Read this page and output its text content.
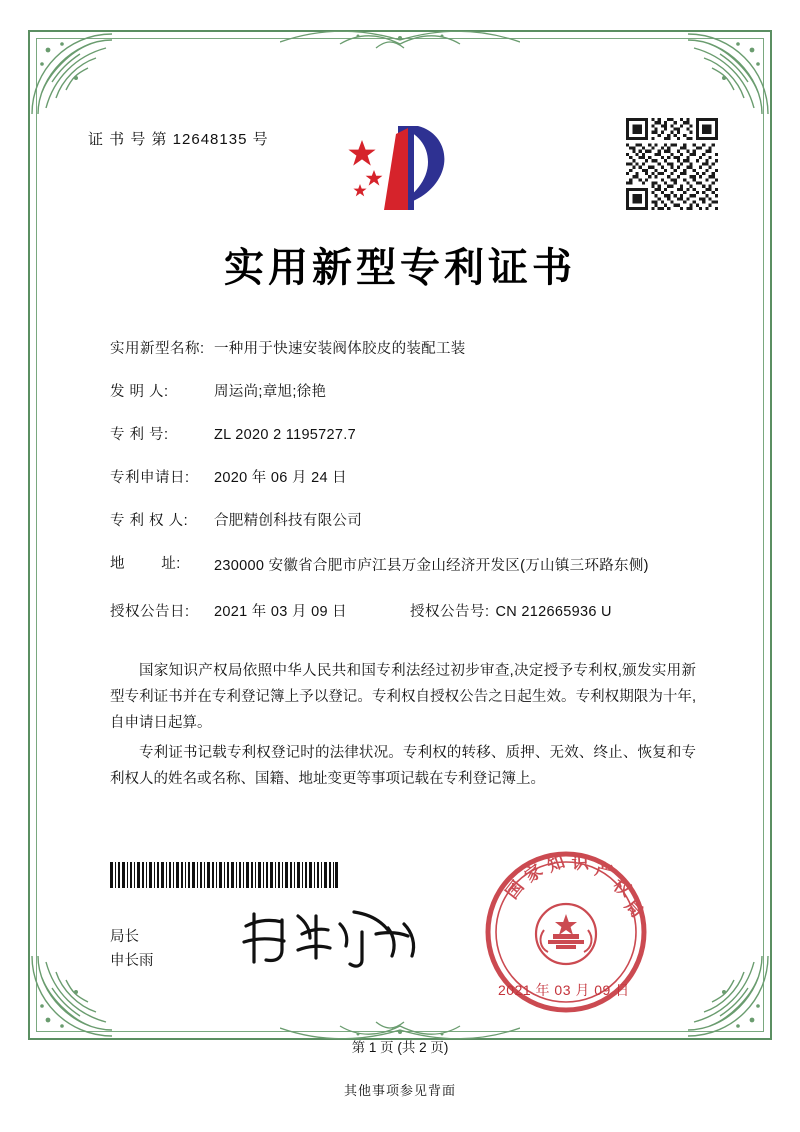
证 书 号 第 12648135 号
实用新型专利证书
实用新型名称: 一种用于快速安装阀体胶皮的装配工装
发 明 人:	周运尚;章旭;徐艳
专 利 号:	ZL 2020 2 1195727.7
专利申请日:	2020 年 06 月 24 日
专 利 权 人:	合肥精创科技有限公司
地        址:	230000 安徽省合肥市庐江县万金山经济开发区(万山镇三环路东侧)
授权公告日:	2021 年 03 月 09 日	授权公告号: CN 212665936 U

国家知识产权局依照中华人民共和国专利法经过初步审查,决定授予专利权,颁发实用新型专利证书并在专利登记簿上予以登记。专利权自授权公告之日起生效。专利权期限为十年,自申请日起算。

专利证书记载专利权登记时的法律状况。专利权的转移、质押、无效、终止、恢复和专利权人的姓名或名称、国籍、地址变更等事项记载在专利登记簿上。

局长
申长雨
国
家
知 识 产
权
局
2021 年 03 月 09 日
第 1 页 (共 2 页)
其他事项参见背面
